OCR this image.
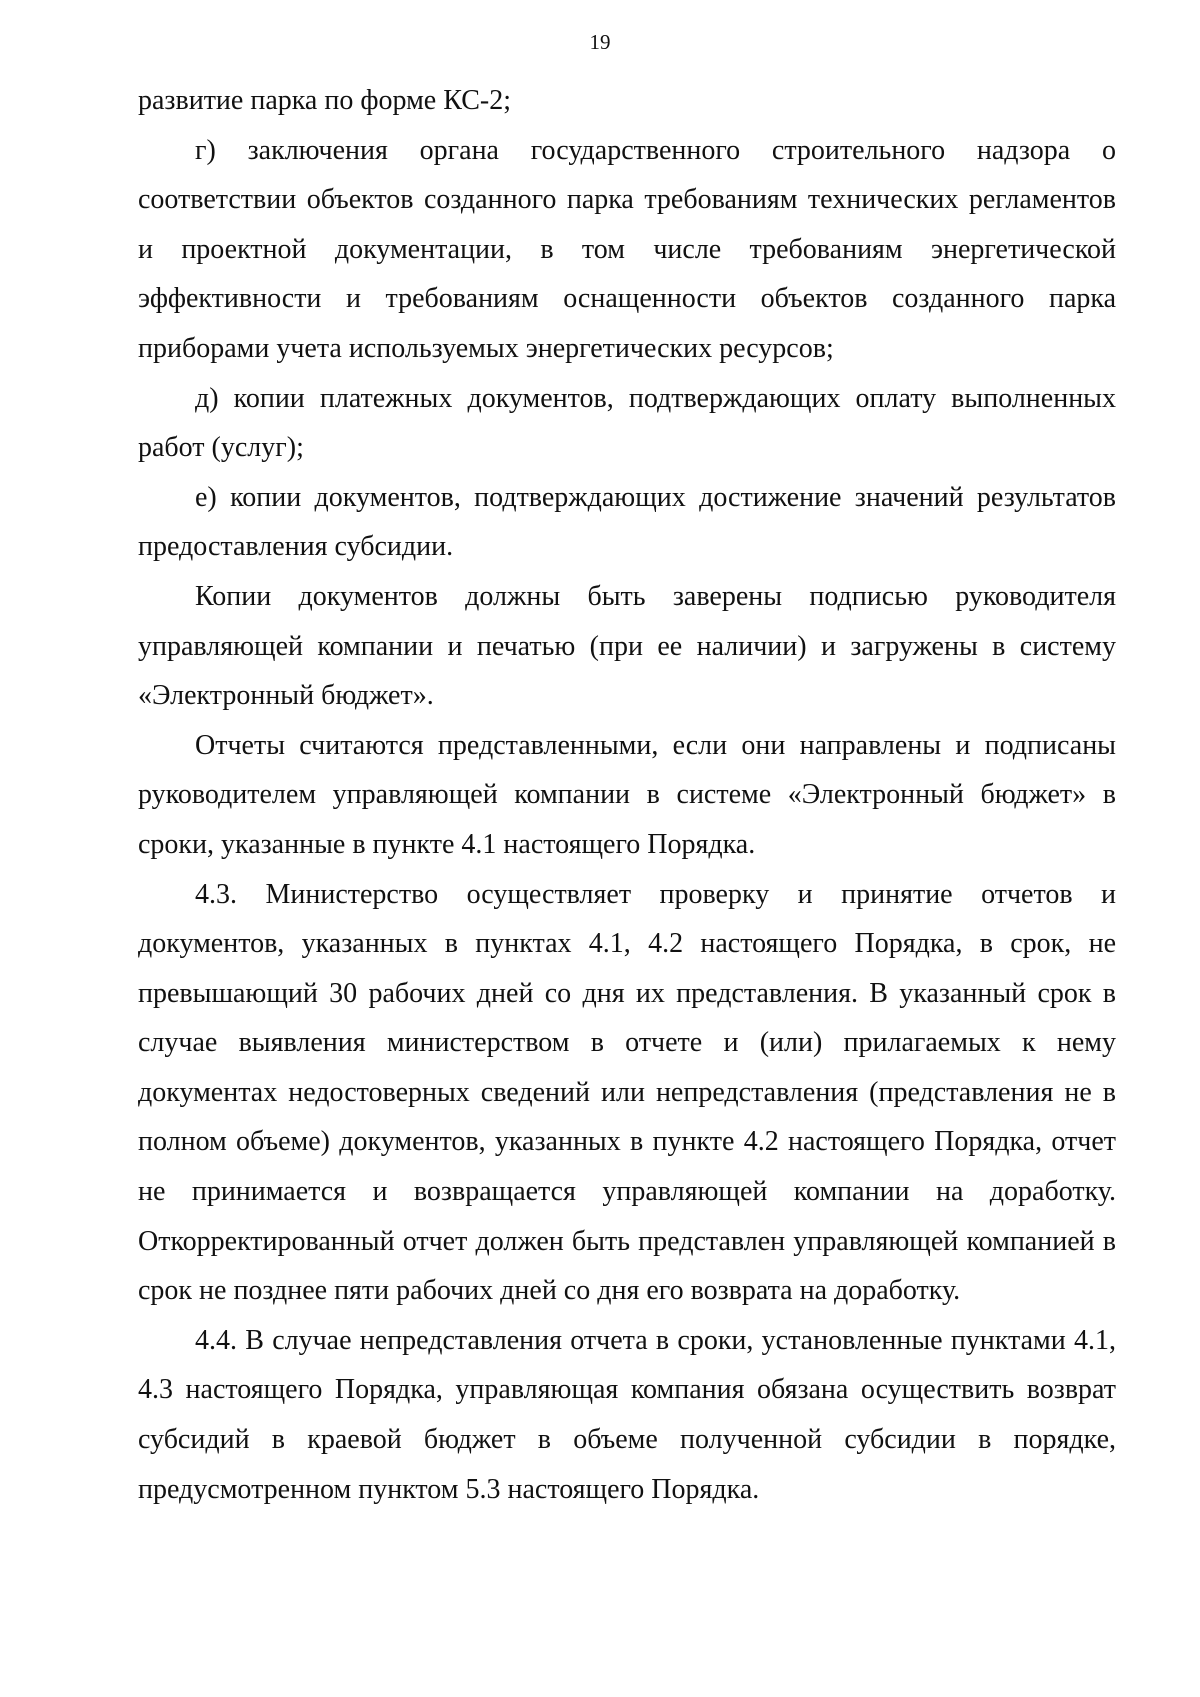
19

развитие парка по форме КС-2;

г) заключения органа государственного строительного надзора о соответствии объектов созданного парка требованиям технических регламентов и проектной документации, в том числе требованиям энергетической эффективности и требованиям оснащенности объектов созданного парка приборами учета используемых энергетических ресурсов;

д) копии платежных документов, подтверждающих оплату выполненных работ (услуг);

е) копии документов, подтверждающих достижение значений результатов предоставления субсидии.

Копии документов должны быть заверены подписью руководителя управляющей компании и печатью (при ее наличии) и загружены в систему «Электронный бюджет».

Отчеты считаются представленными, если они направлены и подписаны руководителем управляющей компании в системе «Электронный бюджет» в сроки, указанные в пункте 4.1 настоящего Порядка.

4.3. Министерство осуществляет проверку и принятие отчетов и документов, указанных в пунктах 4.1, 4.2 настоящего Порядка, в срок, не превышающий 30 рабочих дней со дня их представления. В указанный срок в случае выявления министерством в отчете и (или) прилагаемых к нему документах недостоверных сведений или непредставления (представления не в полном объеме) документов, указанных в пункте 4.2 настоящего Порядка, отчет не принимается и возвращается управляющей компании на доработку. Откорректированный отчет должен быть представлен управляющей компанией в срок не позднее пяти рабочих дней со дня его возврата на доработку.

4.4. В случае непредставления отчета в сроки, установленные пунктами 4.1, 4.3 настоящего Порядка, управляющая компания обязана осуществить возврат субсидий в краевой бюджет в объеме полученной субсидии в порядке, предусмотренном пунктом 5.3 настоящего Порядка.
